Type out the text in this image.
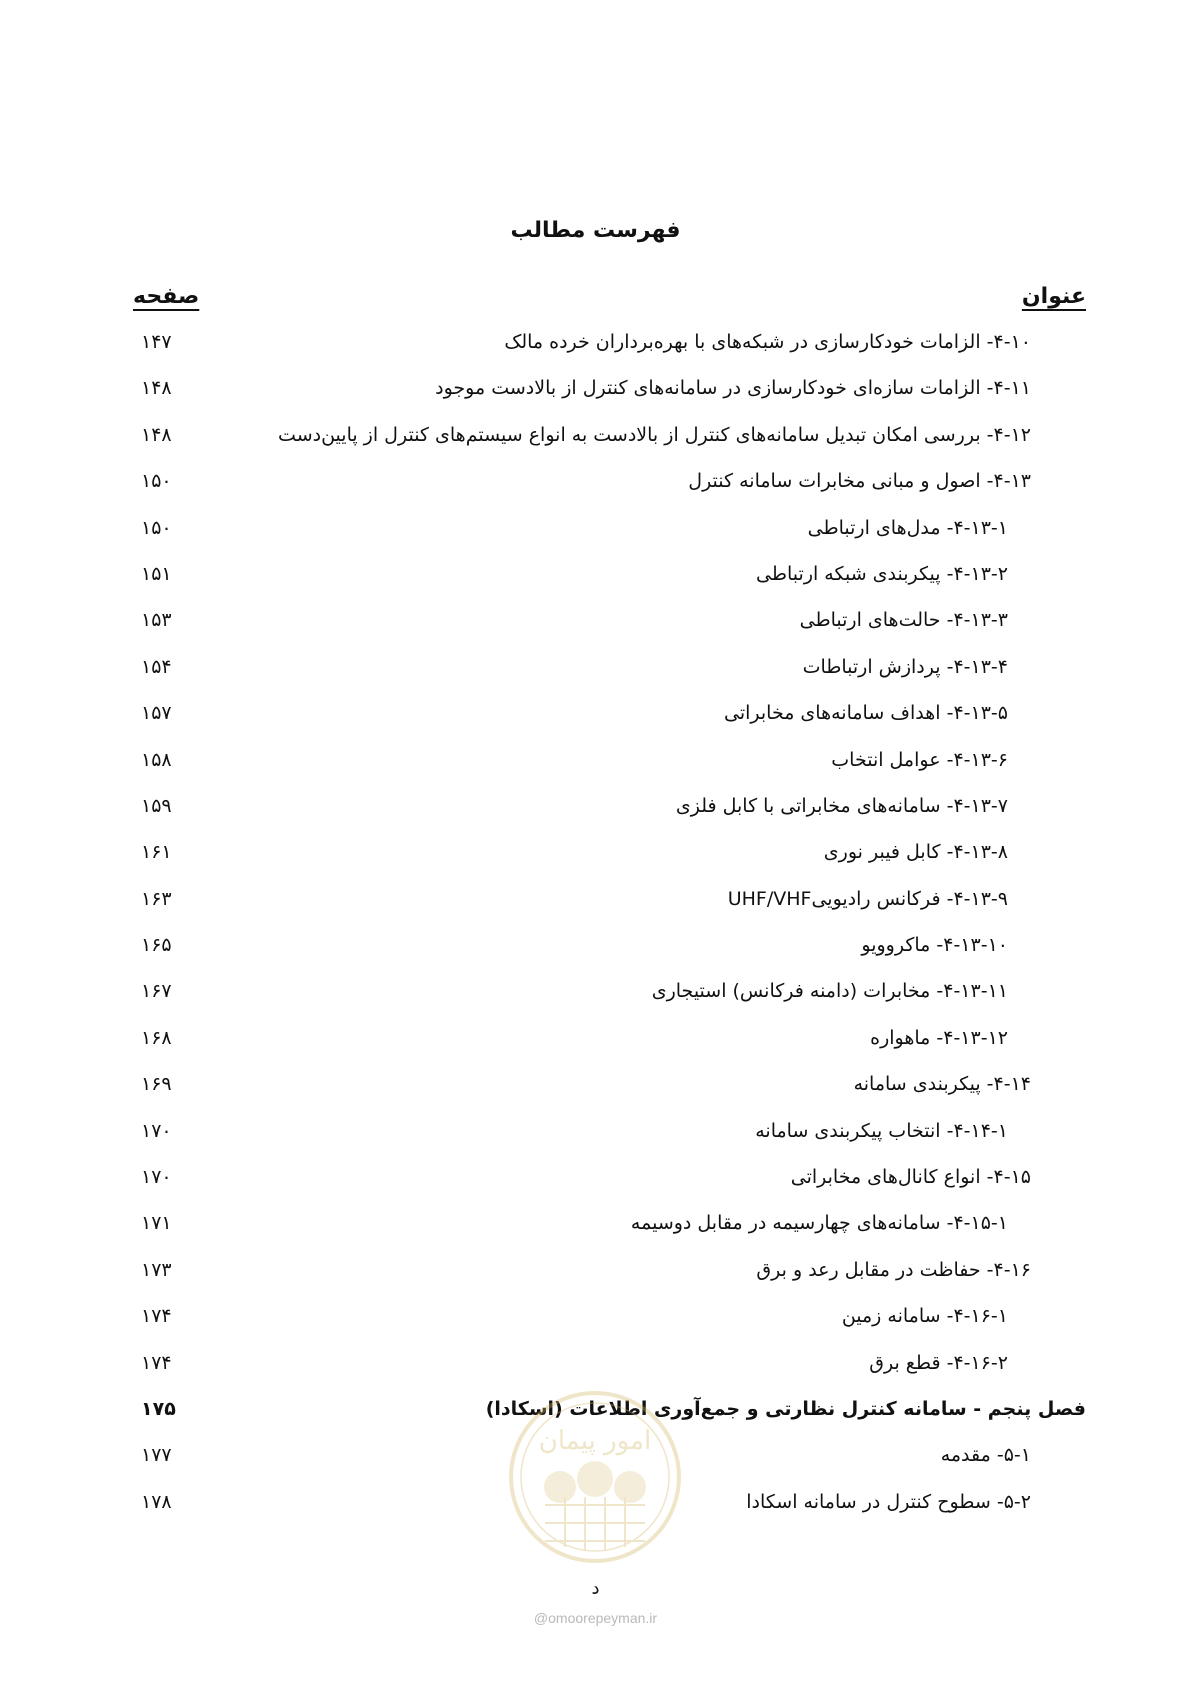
فهرست مطالب
عنوان
صفحه
۴-۱۰- الزامات خودکارسازی در شبکه‌های با بهره‌برداران خرده مالک
۱۴۷
۴-۱۱- الزامات سازه‌ای خودکارسازی در سامانه‌های کنترل از بالادست موجود
۱۴۸
۴-۱۲- بررسی امکان تبدیل سامانه‌های کنترل از بالادست به انواع سیستم‌های کنترل از پایین‌دست
۱۴۸
۴-۱۳- اصول و مبانی مخابرات سامانه کنترل
۱۵۰
۴-۱۳-۱- مدل‌های ارتباطی
۱۵۰
۴-۱۳-۲- پیکربندی شبکه ارتباطی
۱۵۱
۴-۱۳-۳- حالت‌های ارتباطی
۱۵۳
۴-۱۳-۴- پردازش ارتباطات
۱۵۴
۴-۱۳-۵- اهداف سامانه‌های مخابراتی
۱۵۷
۴-۱۳-۶- عوامل انتخاب
۱۵۸
۴-۱۳-۷- سامانه‌های مخابراتی با کابل فلزی
۱۵۹
۴-۱۳-۸- کابل فیبر نوری
۱۶۱
۴-۱۳-۹- فرکانس رادیوییUHF/VHF
۱۶۳
۴-۱۳-۱۰- ماکروویو
۱۶۵
۴-۱۳-۱۱- مخابرات (دامنه فرکانس) استیجاری
۱۶۷
۴-۱۳-۱۲- ماهواره
۱۶۸
۴-۱۴- پیکربندی سامانه
۱۶۹
۴-۱۴-۱- انتخاب پیکربندی سامانه
۱۷۰
۴-۱۵- انواع کانال‌های مخابراتی
۱۷۰
۴-۱۵-۱- سامانه‌های چهارسیمه در مقابل دوسیمه
۱۷۱
۴-۱۶- حفاظت در مقابل رعد و برق
۱۷۳
۴-۱۶-۱- سامانه زمین
۱۷۴
۴-۱۶-۲- قطع برق
۱۷۴
فصل پنجم - سامانه کنترل نظارتی و جمع‌آوری اطلاعات (اسکادا)
۱۷۵
۵-۱- مقدمه
۱۷۷
۵-۲- سطوح کنترل در سامانه اسکادا
۱۷۸
امور پیمان
د
@omoorepeyman.ir
